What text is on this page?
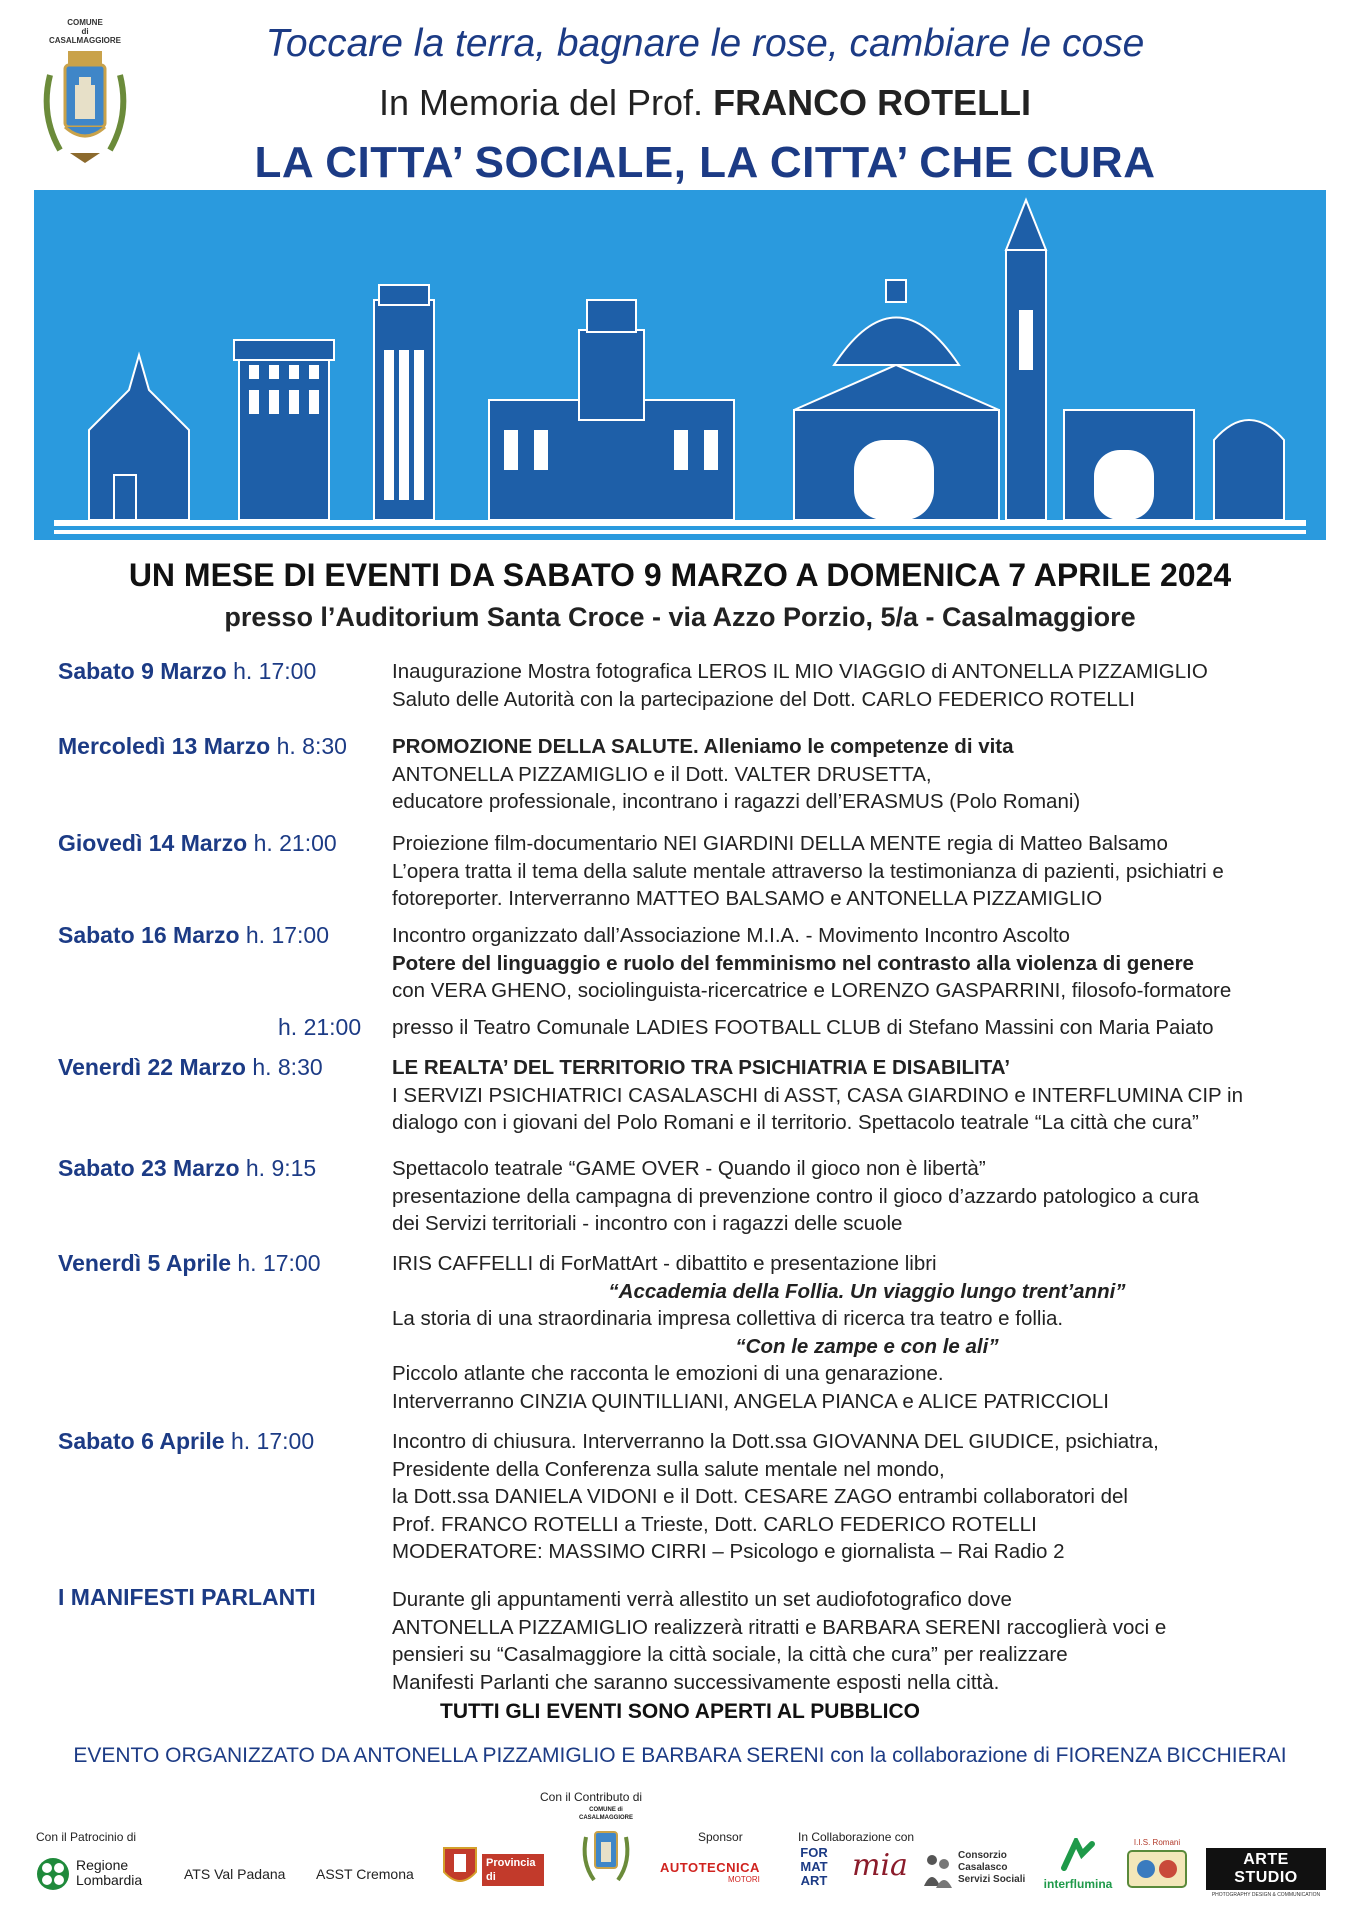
COMUNE
di
CASALMAGGIORE	Toccare la terra, bagnare le rose, cambiare le cose
In Memoria del Prof. FRANCO ROTELLI
LA CITTA’ SOCIALE, LA CITTA’ CHE CURA
UN MESE DI EVENTI DA SABATO 9 MARZO A DOMENICA 7 APRILE 2024
presso l’Auditorium Santa Croce - via Azzo Porzio, 5/a - Casalmaggiore
Sabato 9 Marzo h. 17:00	Inaugurazione Mostra fotografica LEROS IL MIO VIAGGIO di ANTONELLA PIZZAMIGLIO
Saluto delle Autorità con la partecipazione del Dott. CARLO FEDERICO ROTELLI
Mercoledì 13 Marzo h. 8:30 PROMOZIONE DELLA SALUTE. Alleniamo le competenze di vita
ANTONELLA PIZZAMIGLIO e il Dott. VALTER DRUSETTA,
educatore professionale, incontrano i ragazzi dell’ERASMUS (Polo Romani)
Giovedì 14 Marzo h. 21:00	Proiezione film-documentario NEI GIARDINI DELLA MENTE regia di Matteo Balsamo
L’opera tratta il tema della salute mentale attraverso la testimonianza di pazienti, psichiatri e
fotoreporter. Interverranno MATTEO BALSAMO e ANTONELLA PIZZAMIGLIO
Sabato 16 Marzo h. 17:00	Incontro organizzato dall’Associazione M.I.A. - Movimento Incontro Ascolto
Potere del linguaggio e ruolo del femminismo nel contrasto alla violenza di genere
con VERA GHENO, sociolinguista-ricercatrice e LORENZO GASPARRINI, filosofo-formatore
h. 21:00 presso il Teatro Comunale LADIES FOOTBALL CLUB di Stefano Massini con Maria Paiato
Venerdì 22 Marzo h. 8:30	LE REALTA’ DEL TERRITORIO TRA PSICHIATRIA E DISABILITA’
I SERVIZI PSICHIATRICI CASALASCHI di ASST, CASA GIARDINO e INTERFLUMINA CIP in
dialogo con i giovani del Polo Romani e il territorio. Spettacolo teatrale “La città che cura”
Sabato 23 Marzo h. 9:15	Spettacolo teatrale “GAME OVER - Quando il gioco non è libertà”
presentazione della campagna di prevenzione contro il gioco d’azzardo patologico a cura
dei Servizi territoriali - incontro con i ragazzi delle scuole
Venerdì 5 Aprile h. 17:00	IRIS CAFFELLI di ForMattArt - dibattito e presentazione libri
“Accademia della Follia. Un viaggio lungo trent’anni”
La storia di una straordinaria impresa collettiva di ricerca tra teatro e follia.
“Con le zampe e con le ali”
Piccolo atlante che racconta le emozioni di una genarazione.
Interverranno CINZIA QUINTILLIANI, ANGELA PIANCA e ALICE PATRICCIOLI
Sabato 6 Aprile h. 17:00	Incontro di chiusura. Interverranno la Dott.ssa GIOVANNA DEL GIUDICE, psichiatra,
Presidente della Conferenza sulla salute mentale nel mondo,
la Dott.ssa DANIELA VIDONI e il Dott. CESARE ZAGO entrambi collaboratori del
Prof. FRANCO ROTELLI a Trieste, Dott. CARLO FEDERICO ROTELLI
MODERATORE: MASSIMO CIRRI – Psicologo e giornalista – Rai Radio 2
I MANIFESTI PARLANTI	Durante gli appuntamenti verrà allestito un set audiofotografico dove
ANTONELLA PIZZAMIGLIO realizzerà ritratti e BARBARA SERENI raccoglierà voci e
pensieri su “Casalmaggiore la città sociale, la città che cura” per realizzare
Manifesti Parlanti che saranno successivamente esposti nella città.
TUTTI GLI EVENTI SONO APERTI AL PUBBLICO
EVENTO ORGANIZZATO DA ANTONELLA PIZZAMIGLIO E BARBARA SERENI con la collaborazione di FIORENZA BICCHIERAI
Con il Contributo di
Con il Patrocinio di	Sponsor	In Collaborazione con
Regione
Lombardia	ATS Val Padana ASST Cremona
Provincia
di Cremona
COMUNE di CASALMAGGIORE
AUTOTECNICA
MOTORI
FOR MAT ART mia	Consorzio
Casalasco
Servizi Sociali	interflumina
I.I.S. Romani
ARTE STUDIO
PHOTOGRAPHY DESIGN & COMMUNICATION
